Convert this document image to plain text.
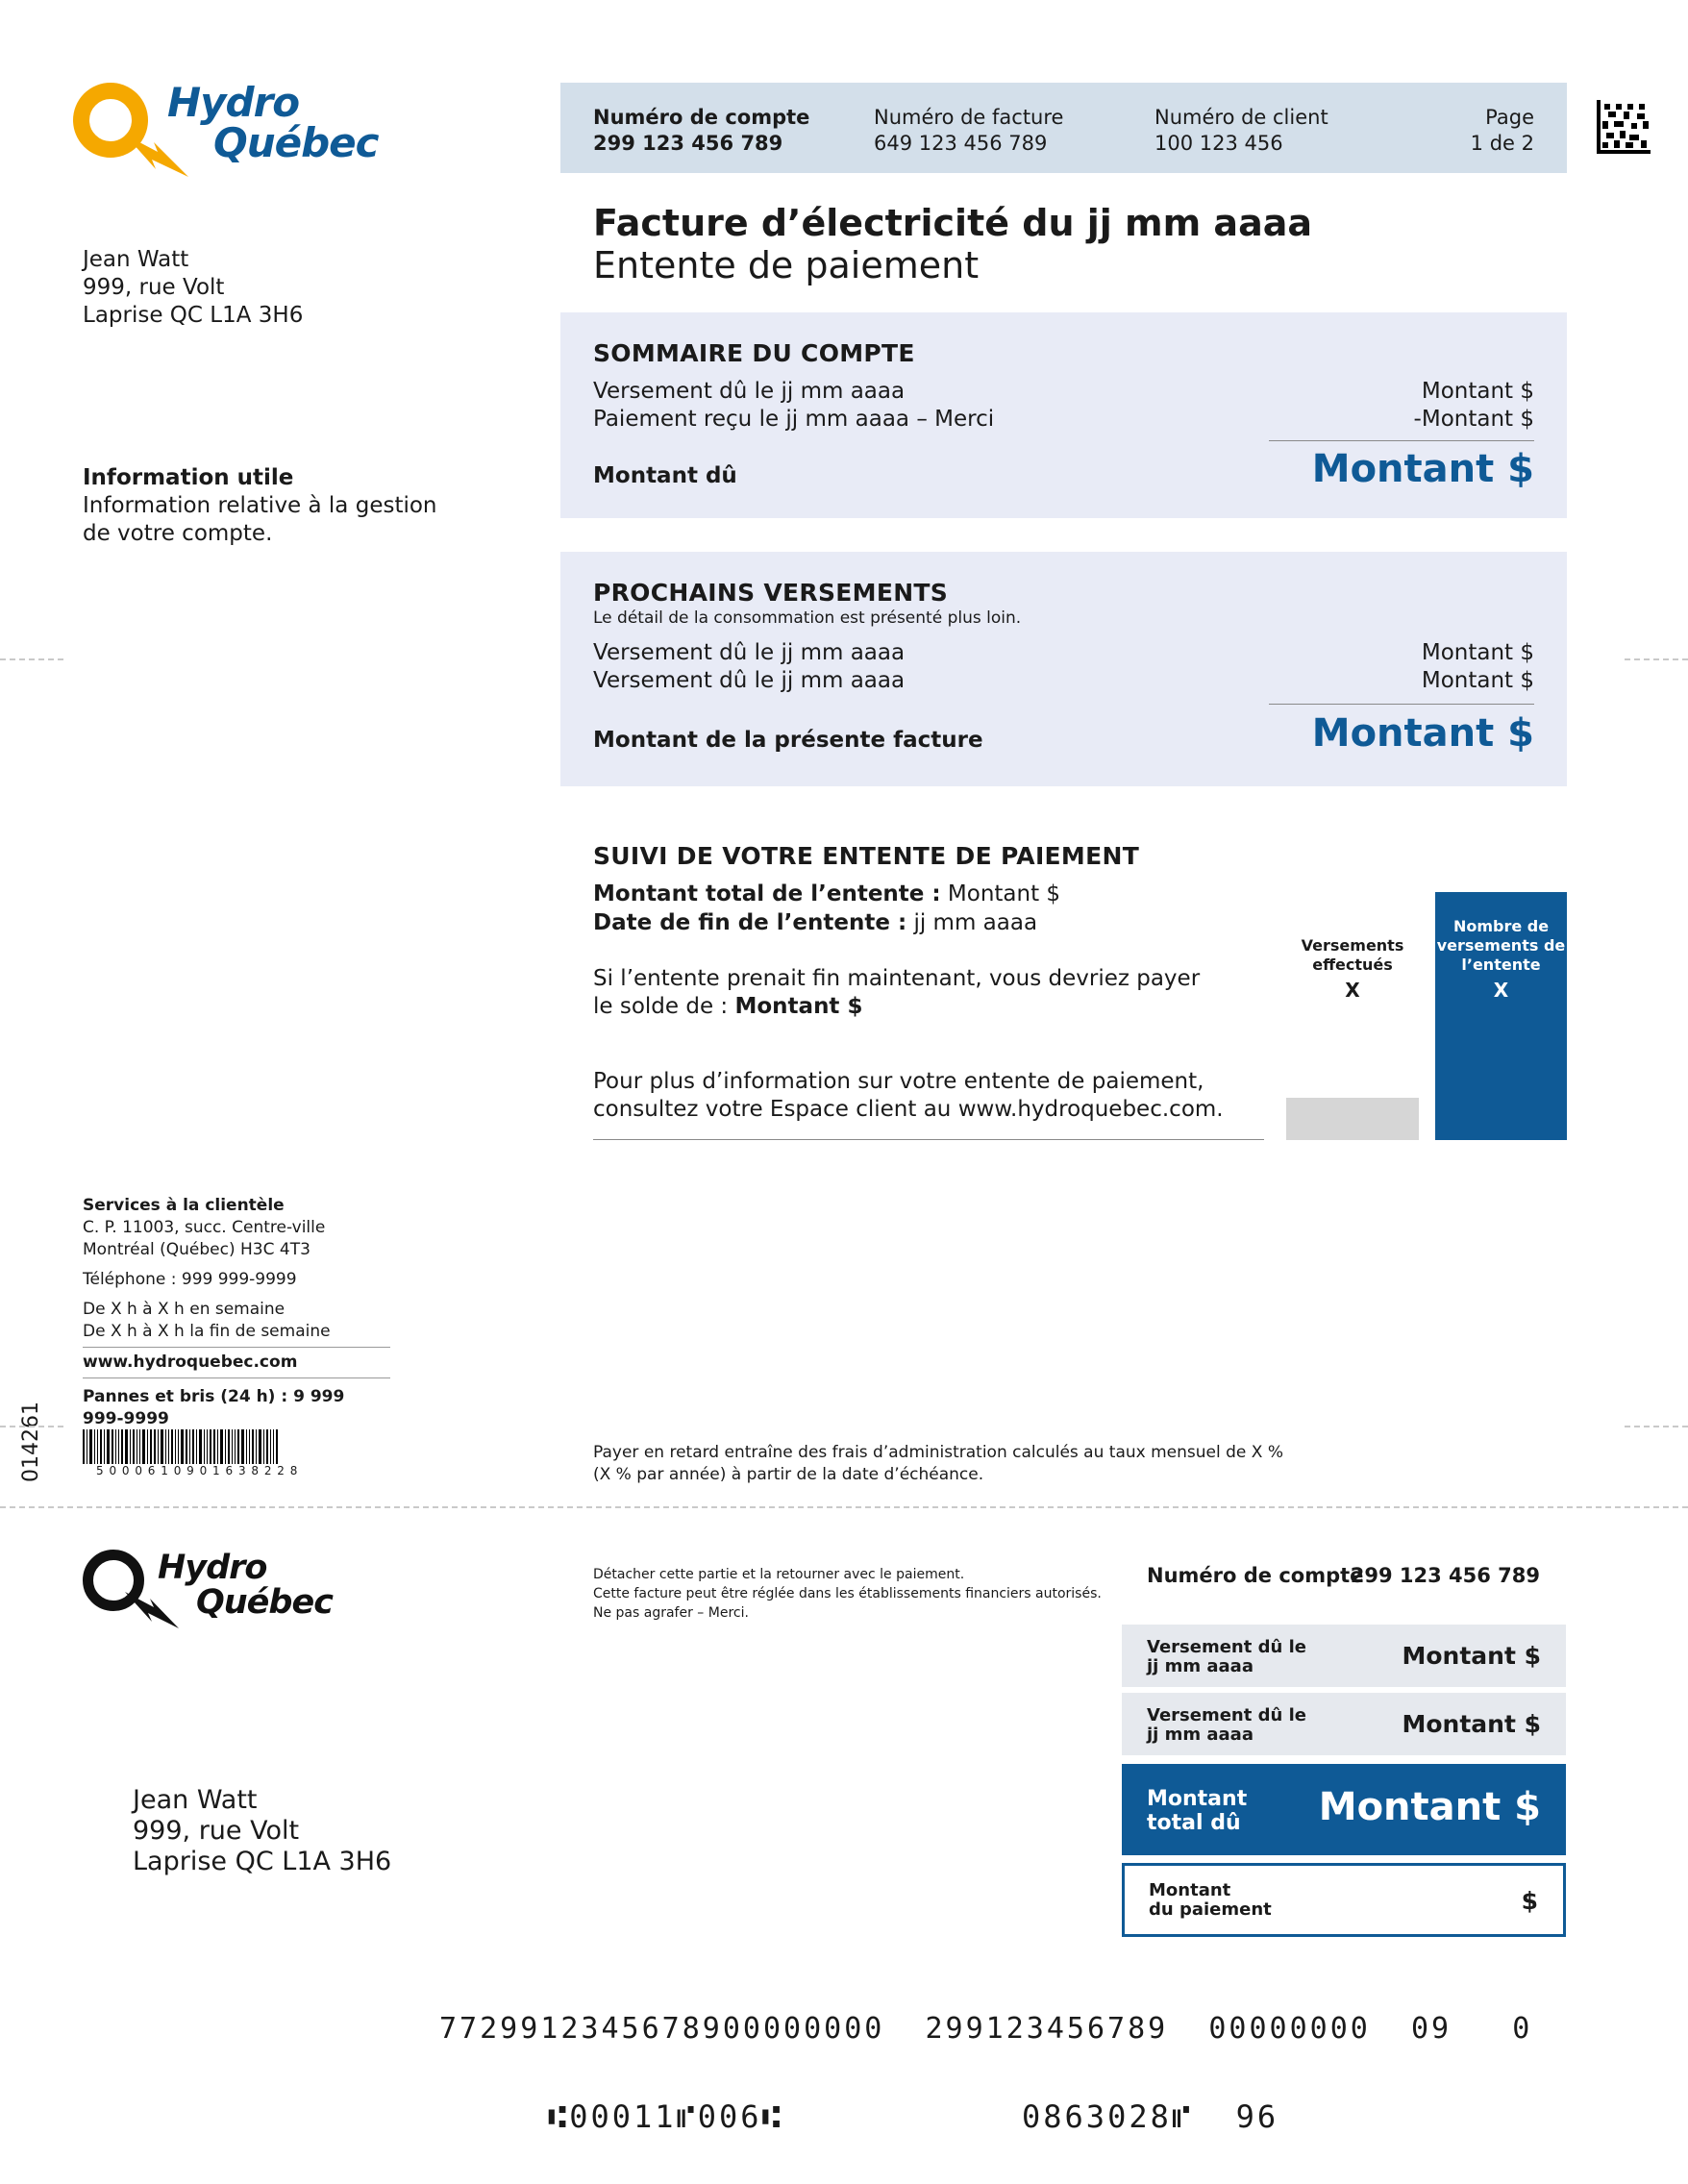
Hydro
Québec
Numéro de compte
299 123 456 789
Numéro de facture
649 123 456 789
Numéro de client
100 123 456
Page
1 de 2
Facture d’électricité du jj mm aaaa
Entente de paiement
Jean Watt
999, rue Volt
Laprise QC L1A 3H6
Information utile
Information relative à la gestion
de votre compte.
SOMMAIRE DU COMPTE
Versement dû le jj mm aaaa	Montant $
Paiement reçu le jj mm aaaa – Merci	-Montant $
Montant dû	Montant $
PROCHAINS VERSEMENTS
Le détail de la consommation est présenté plus loin.
Versement dû le jj mm aaaa	Montant $
Versement dû le jj mm aaaa	Montant $
Montant de la présente facture	Montant $
SUIVI DE VOTRE ENTENTE DE PAIEMENT
Montant total de l’entente : Montant $
Date de fin de l’entente : jj mm aaaa
Si l’entente prenait fin maintenant, vous devriez payer
le solde de : Montant $
Pour plus d’information sur votre entente de paiement,
consultez votre Espace client au www.hydroquebec.com.
Versements
effectués
X
Nombre de
versements de
l’entente
X
Services à la clientèle
C. P. 11003, succ. Centre-ville
Montréal (Québec) H3C 4T3
Téléphone : 999 999-9999
De X h à X h en semaine
De X h à X h la fin de semaine
www.hydroquebec.com
Pannes et bris (24 h) : 9 999 999-9999
014261	5 0 0 0 6 1 0 9 0 1 6 3 8 2 2 8
Payer en retard entraîne des frais d’administration calculés au taux mensuel de X %
(X % par année) à partir de la date d’échéance.
Hydro
Québec
Détacher cette partie et la retourner avec le paiement.
Cette facture peut être réglée dans les établissements financiers autorisés.
Ne pas agrafer – Merci.
Numéro de compte
299 123 456 789
Versement dû le
jj mm aaaa	Montant $
Versement dû le
jj mm aaaa	Montant $
Montant
total dû Montant $
Montant
du paiement	$
Jean Watt
999, rue Volt
Laprise QC L1A 3H6
7729912345678900000000  299123456789  00000000  09   0
⑆00011⑈006⑆	0863028⑈  96
